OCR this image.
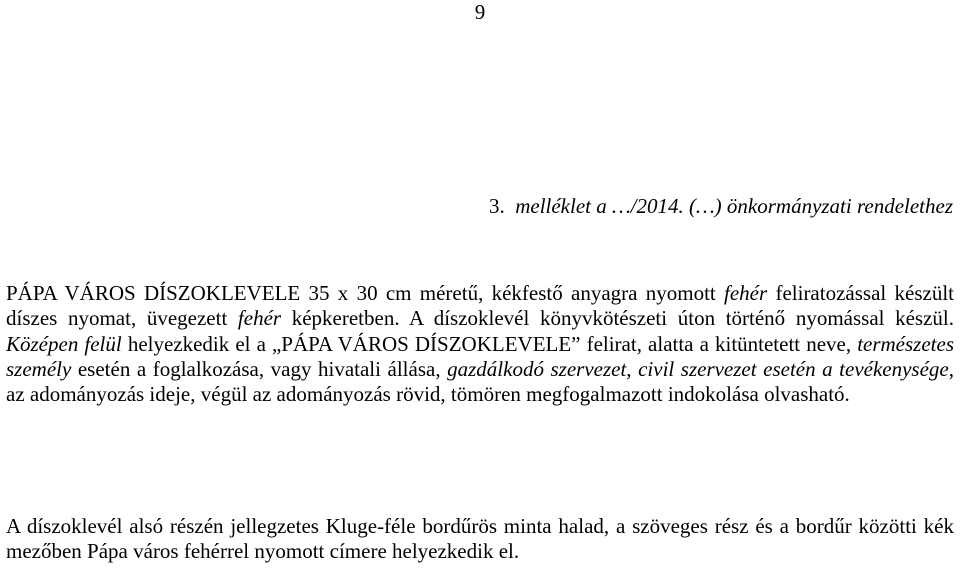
9
3. melléklet a …/2014. (…) önkormányzati rendelethez

PÁPA VÁROS DÍSZOKLEVELE 35 x 30 cm méretű, kékfestő anyagra nyomott fehér feliratozással készült díszes nyomat, üvegezett fehér képkeretben. A díszoklevél könyvkötészeti úton történő nyomással készül. Középen felül helyezkedik el a „PÁPA VÁROS DÍSZOKLEVELE” felirat, alatta a kitüntetett neve, természetes személy esetén a foglalkozása, vagy hivatali állása, gazdálkodó szervezet, civil szervezet esetén a tevékenysége, az adományozás ideje, végül az adományozás rövid, tömören megfogalmazott indokolása olvasható.

A díszoklevél alsó részén jellegzetes Kluge-féle bordűrös minta halad, a szöveges rész és a bordűr közötti kék mezőben Pápa város fehérrel nyomott címere helyezkedik el.
